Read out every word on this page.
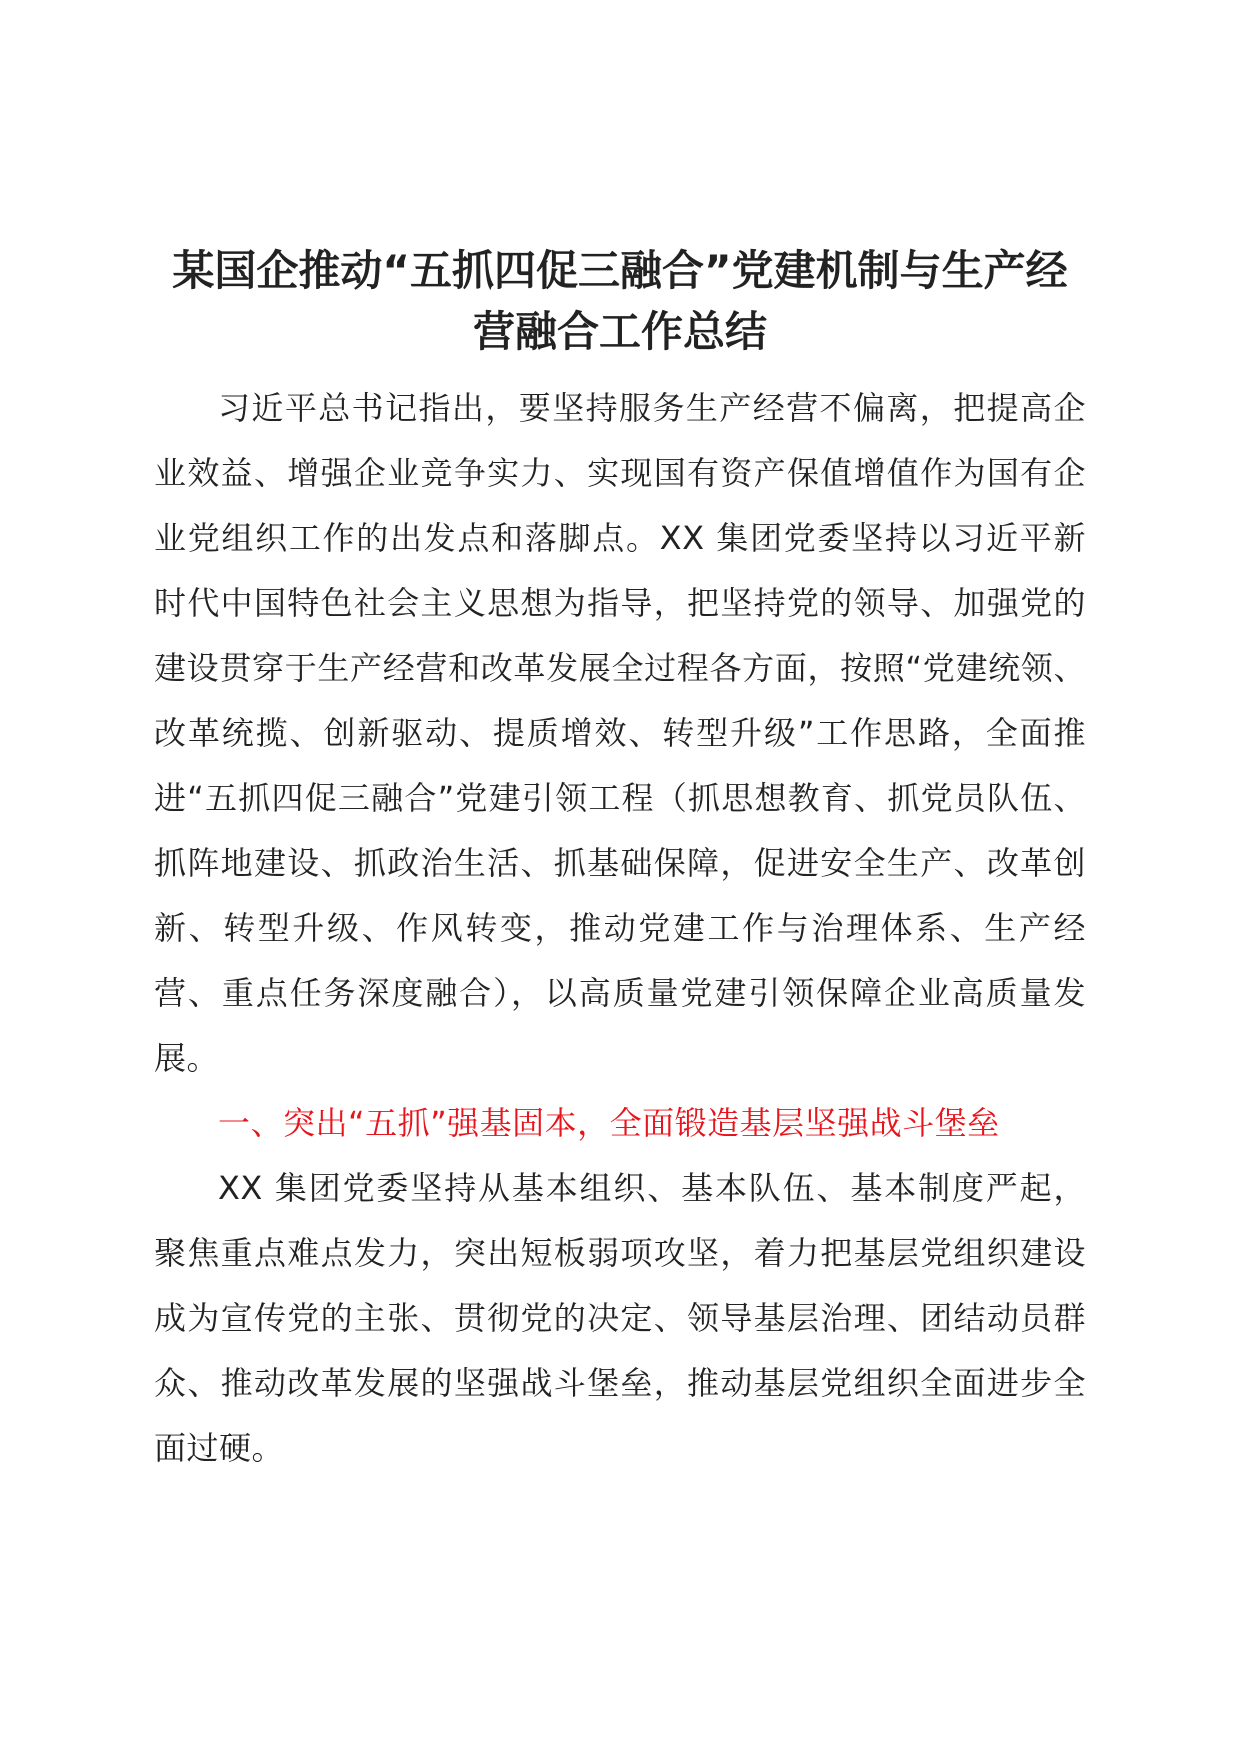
某国企推动“五抓四促三融合”党建机制与生产经营融合工作总结

习近平总书记指出，要坚持服务生产经营不偏离，把提高企业效益、增强企业竞争实力、实现国有资产保值增值作为国有企业党组织工作的出发点和落脚点。XX 集团党委坚持以习近平新时代中国特色社会主义思想为指导，把坚持党的领导、加强党的建设贯穿于生产经营和改革发展全过程各方面，按照“党建统领、改革统揽、创新驱动、提质增效、转型升级”工作思路，全面推进“五抓四促三融合”党建引领工程（抓思想教育、抓党员队伍、抓阵地建设、抓政治生活、抓基础保障，促进安全生产、改革创新、转型升级、作风转变，推动党建工作与治理体系、生产经营、重点任务深度融合），以高质量党建引领保障企业高质量发展。

一、突出“五抓”强基固本，全面锻造基层坚强战斗堡垒

XX 集团党委坚持从基本组织、基本队伍、基本制度严起，聚焦重点难点发力，突出短板弱项攻坚，着力把基层党组织建设成为宣传党的主张、贯彻党的决定、领导基层治理、团结动员群众、推动改革发展的坚强战斗堡垒，推动基层党组织全面进步全面过硬。
